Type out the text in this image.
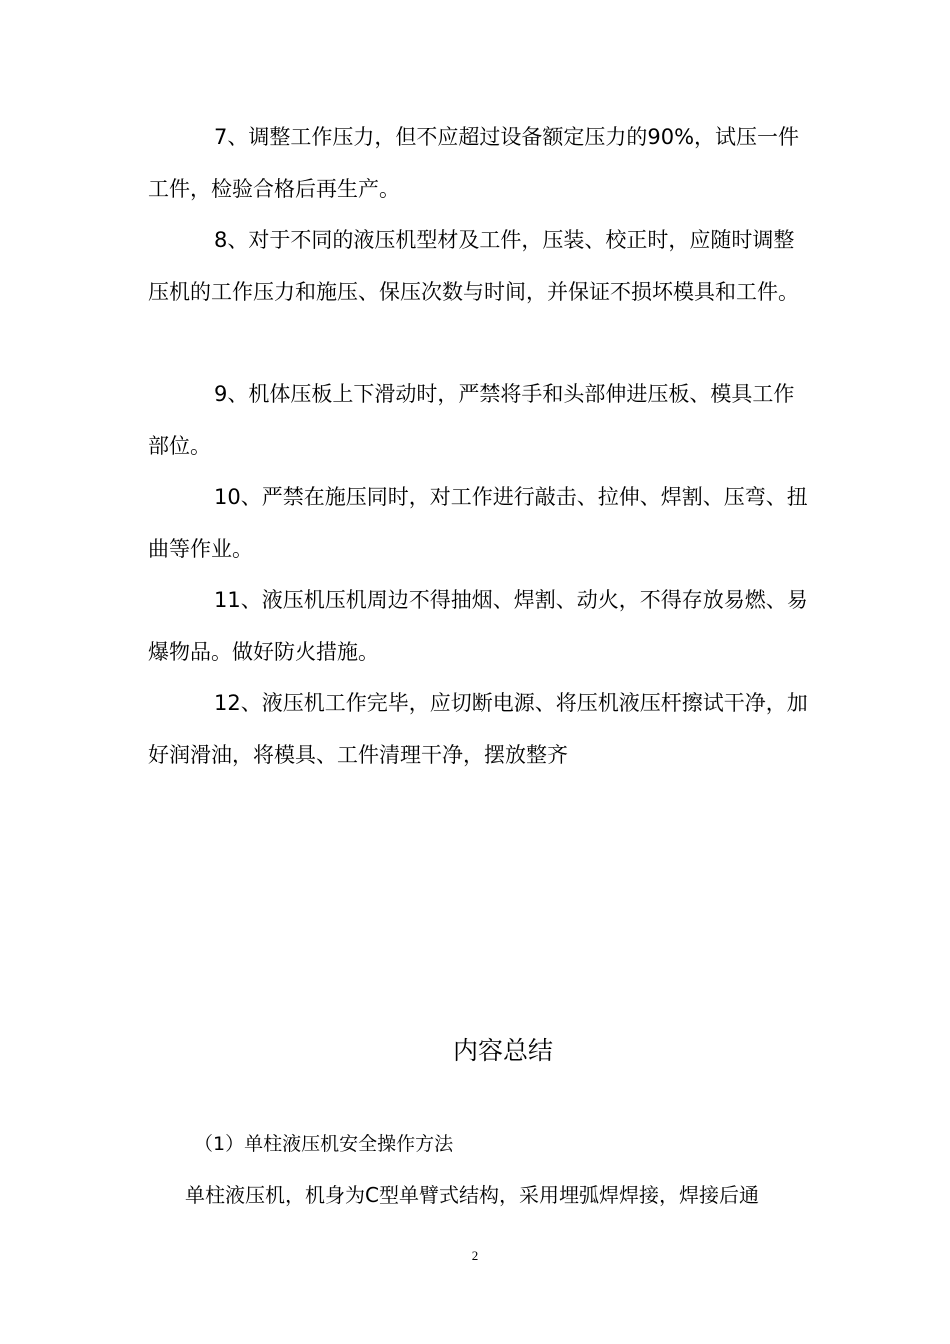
7、调整工作压力，但不应超过设备额定压力的90%，试压一件工件，检验合格后再生产。

8、对于不同的液压机型材及工件，压装、校正时，应随时调整压机的工作压力和施压、保压次数与时间，并保证不损坏模具和工件。

9、机体压板上下滑动时，严禁将手和头部伸进压板、模具工作部位。

10、严禁在施压同时，对工作进行敲击、拉伸、焊割、压弯、扭曲等作业。

11、液压机压机周边不得抽烟、焊割、动火，不得存放易燃、易爆物品。做好防火措施。

12、液压机工作完毕，应切断电源、将压机液压杆擦试干净，加好润滑油，将模具、工件清理干净，摆放整齐

内容总结
（1）单柱液压机安全操作方法
单柱液压机，机身为C型单臂式结构，采用埋弧焊焊接，焊接后通
2
